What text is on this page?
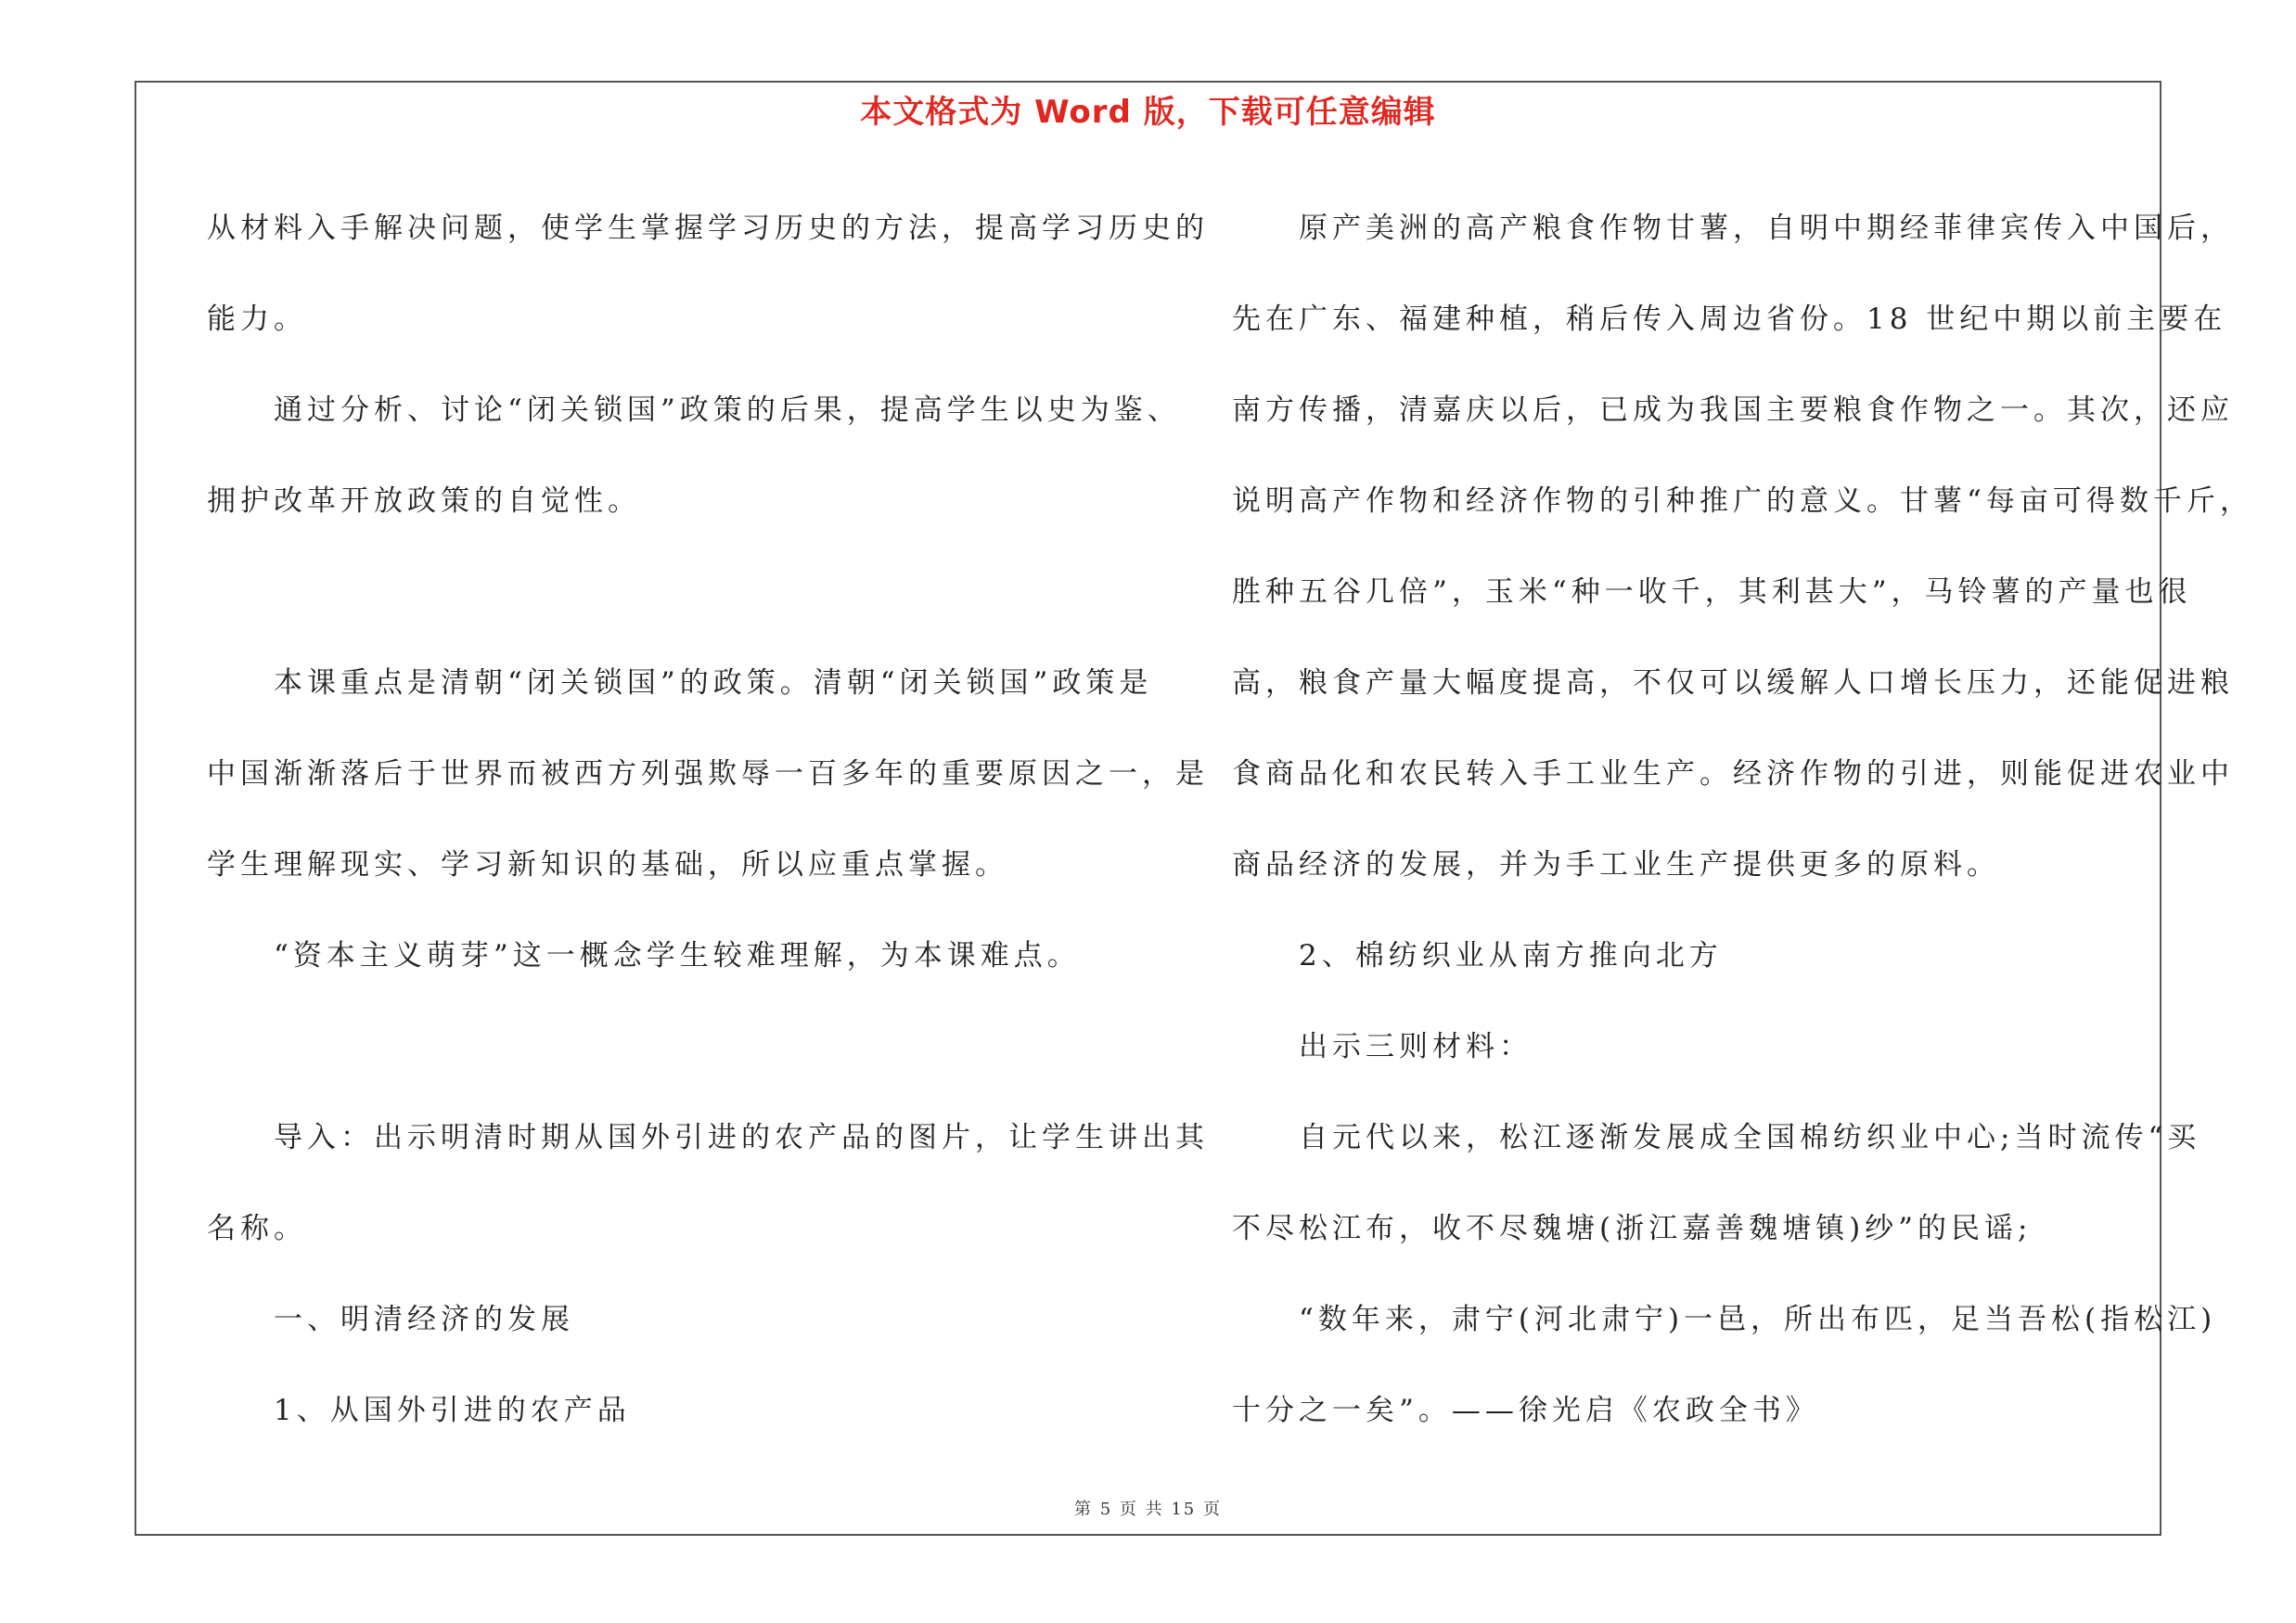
本文格式为 Word 版，下载可任意编辑

从材料入手解决问题，使学生掌握学习历史的方法，提高学习历史的

能力。

　　通过分析、讨论“闭关锁国”政策的后果，提高学生以史为鉴、

拥护改革开放政策的自觉性。

　　本课重点是清朝“闭关锁国”的政策。清朝“闭关锁国”政策是

中国渐渐落后于世界而被西方列强欺辱一百多年的重要原因之一，是

学生理解现实、学习新知识的基础，所以应重点掌握。

　　“资本主义萌芽”这一概念学生较难理解，为本课难点。

　　导入：出示明清时期从国外引进的农产品的图片，让学生讲出其

名称。

　　一、明清经济的发展

　　1、从国外引进的农产品

　　原产美洲的高产粮食作物甘薯，自明中期经菲律宾传入中国后，

先在广东、福建种植，稍后传入周边省份。18 世纪中期以前主要在

南方传播，清嘉庆以后，已成为我国主要粮食作物之一。其次，还应

说明高产作物和经济作物的引种推广的意义。甘薯“每亩可得数千斤，

胜种五谷几倍”，玉米“种一收千，其利甚大”，马铃薯的产量也很

高，粮食产量大幅度提高，不仅可以缓解人口增长压力，还能促进粮

食商品化和农民转入手工业生产。经济作物的引进，则能促进农业中

商品经济的发展，并为手工业生产提供更多的原料。

　　2、棉纺织业从南方推向北方

　　出示三则材料：

　　自元代以来，松江逐渐发展成全国棉纺织业中心;当时流传“买

不尽松江布，收不尽魏塘(浙江嘉善魏塘镇)纱”的民谣;

　　“数年来，肃宁(河北肃宁)一邑，所出布匹，足当吾松(指松江)

十分之一矣”。——徐光启《农政全书》

第 5 页 共 15 页
